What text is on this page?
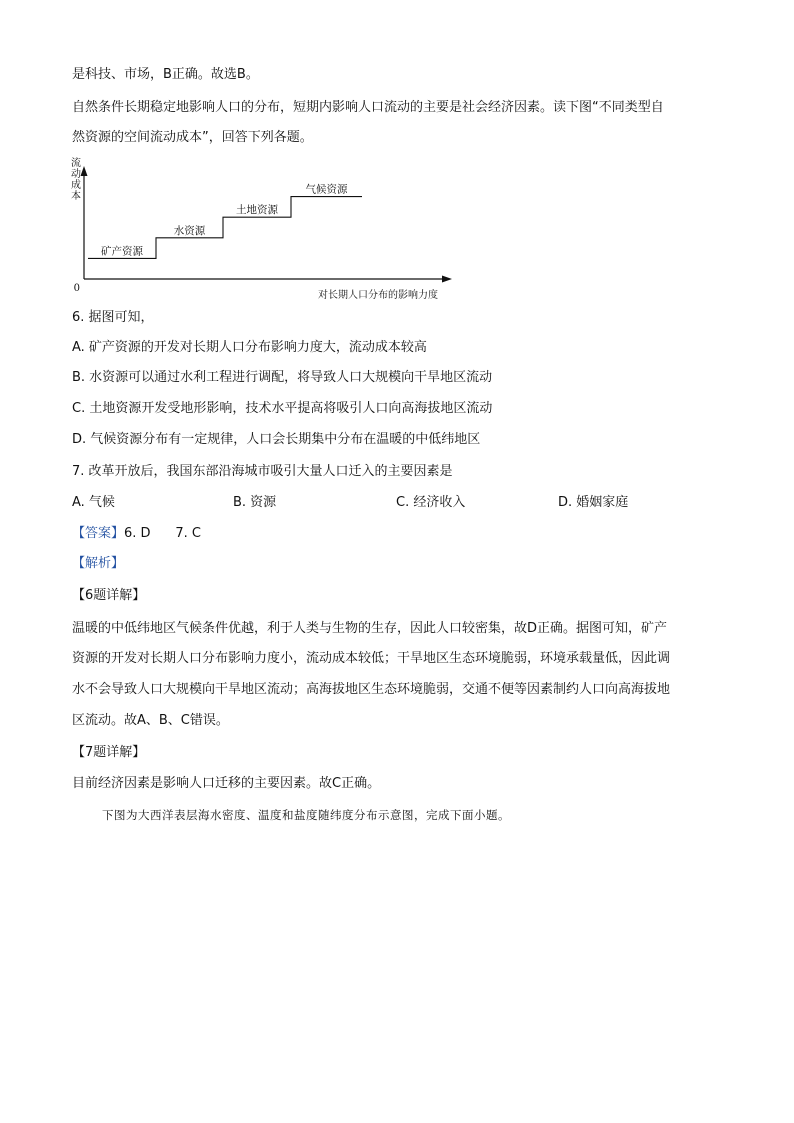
是科技、市场，B正确。故选B。
自然条件长期稳定地影响人口的分布，短期内影响人口流动的主要是社会经济因素。读下图“不同类型自
然资源的空间流动成本”，回答下列各题。
流动成本
0
对长期人口分布的影响力度
矿产资源
水资源
土地资源
气候资源
6. 据图可知，
A. 矿产资源的开发对长期人口分布影响力度大，流动成本较高
B. 水资源可以通过水利工程进行调配，将导致人口大规模向干旱地区流动
C. 土地资源开发受地形影响，技术水平提高将吸引人口向高海拔地区流动
D. 气候资源分布有一定规律，人口会长期集中分布在温暖的中低纬地区
7. 改革开放后，我国东部沿海城市吸引大量人口迁入的主要因素是
A. 气候	B. 资源	C. 经济收入	D. 婚姻家庭
【答案】6. D      7. C
【解析】
【6题详解】
温暖的中低纬地区气候条件优越，利于人类与生物的生存，因此人口较密集，故D正确。据图可知，矿产
资源的开发对长期人口分布影响力度小，流动成本较低；干旱地区生态环境脆弱，环境承载量低，因此调
水不会导致人口大规模向干旱地区流动；高海拔地区生态环境脆弱，交通不便等因素制约人口向高海拔地
区流动。故A、B、C错误。
【7题详解】
目前经济因素是影响人口迁移的主要因素。故C正确。
下图为大西洋表层海水密度、温度和盐度随纬度分布示意图，完成下面小题。
